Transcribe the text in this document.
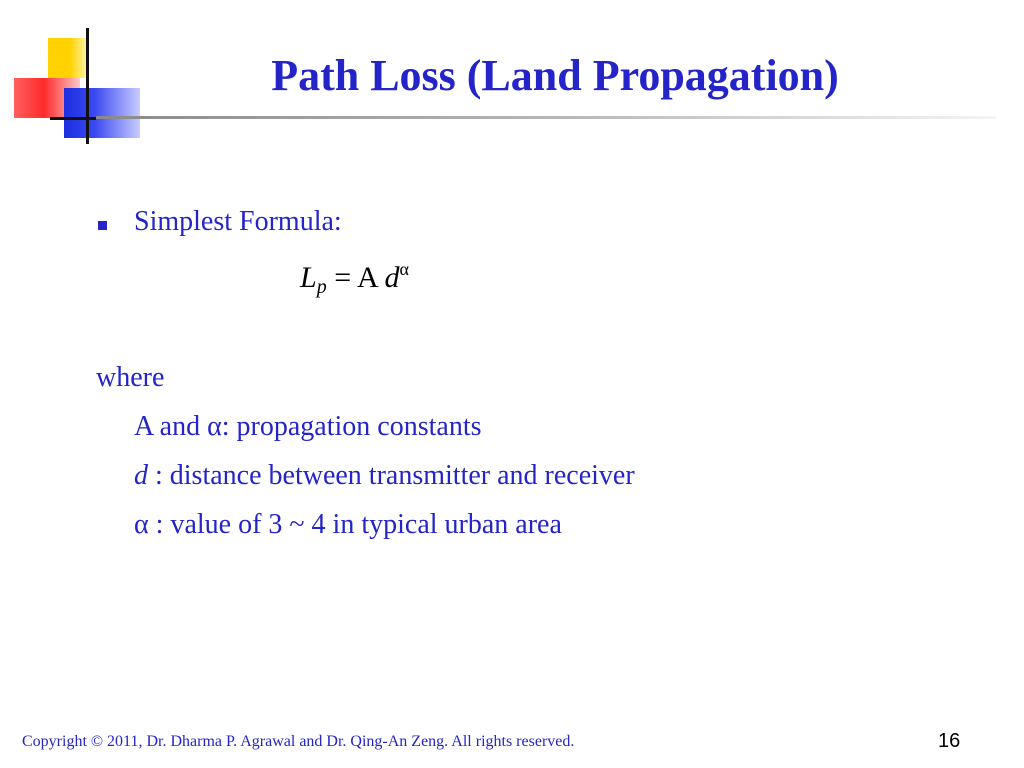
Path Loss (Land Propagation)
Simplest Formula:
$L_p = A$ $d^\alpha$
where
A and α: propagation constants
d : distance between transmitter and receiver
α : value of 3 ~ 4 in typical urban area
Copyright © 2011, Dr. Dharma P. Agrawal and Dr. Qing-An Zeng. All rights reserved.	16
